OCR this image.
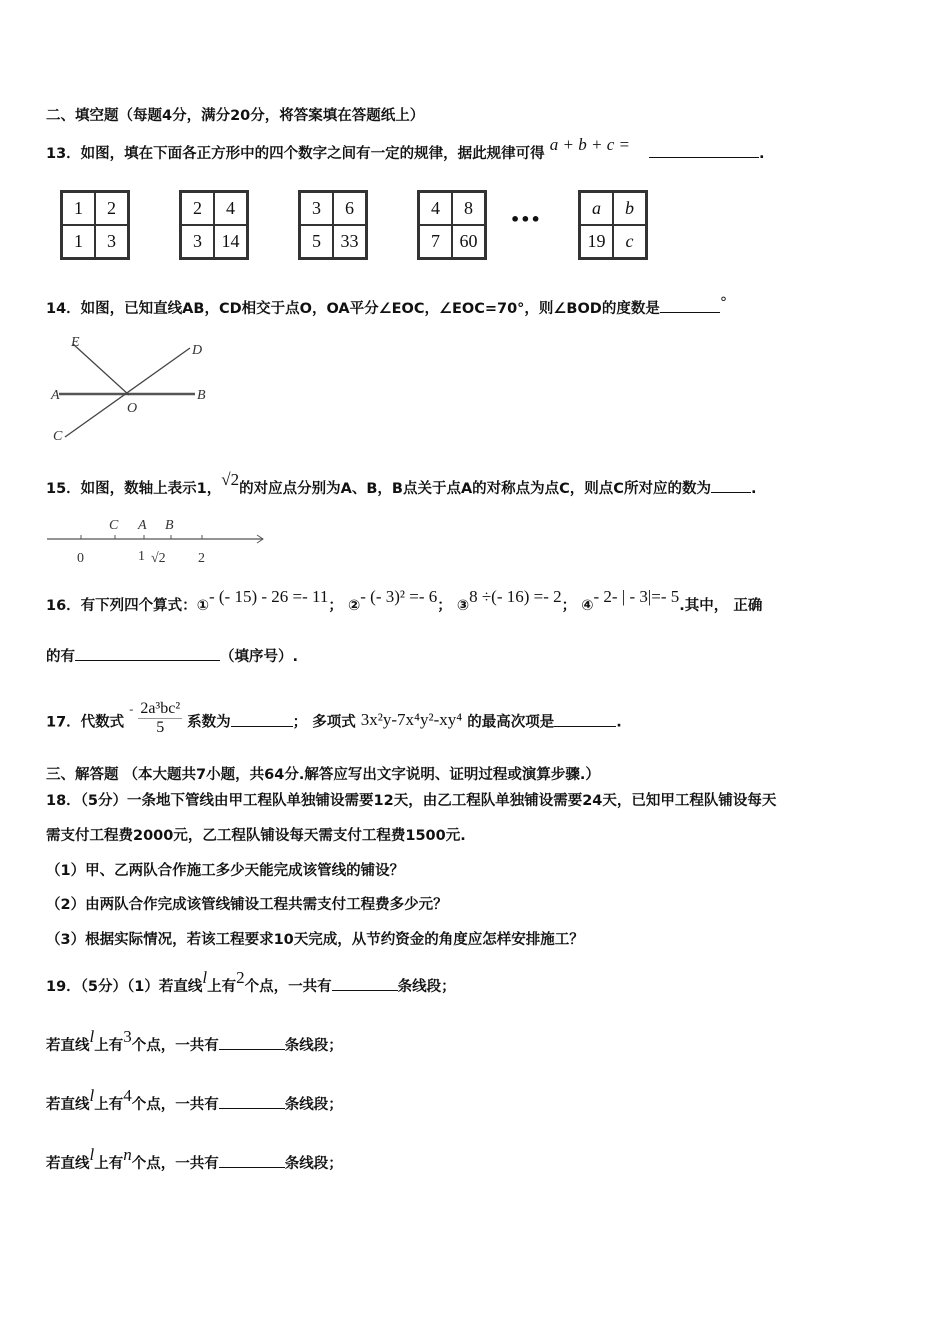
二、填空题（每题4分，满分20分，将答案填在答题纸上）
13．如图，填在下面各正方形中的四个数字之间有一定的规律，据此规律可得 a + b + c =	.
1	2
1	3
2	4
3	14
3	6
5	33
4	8
7	60
•••
a	b
19	c
14．如图，已知直线AB，CD相交于点O，OA平分∠EOC，∠EOC=70°，则∠BOD的度数是	°
E
D
A	B
O
C
15．如图，数轴上表示1，√2的对应点分别为A、B，B点关于点A的对称点为点C，则点C所对应的数为	.
C A B
0	1 √2 2
16．有下列四个算式：①- (- 15) - 26 =- 11； ②- (- 3)² =- 6； ③8 ÷(- 16) =- 2； ④- 2- | - 3|=- 5.其中， 正确
的有	（填序号）.
17．代数式 $^- \frac{\text{2a³bc²}}{5}$ 系数为	； 多项式 3x²y-7x⁴y²-xy⁴ 的最高次项是	.
三、解答题 （本大题共7小题，共64分.解答应写出文字说明、证明过程或演算步骤.）
18．（5分）一条地下管线由甲工程队单独铺设需要12天，由乙工程队单独铺设需要24天，已知甲工程队铺设每天
需支付工程费2000元，乙工程队铺设每天需支付工程费1500元.
（1）甲、乙两队合作施工多少天能完成该管线的铺设？
（2）由两队合作完成该管线铺设工程共需支付工程费多少元？
（3）根据实际情况，若该工程要求10天完成，从节约资金的角度应怎样安排施工？
19．（5分）（1）若直线l上有2个点，一共有	条线段；
若直线l上有3个点，一共有	条线段；
若直线l上有4个点，一共有	条线段；
若直线l上有n个点，一共有	条线段；
